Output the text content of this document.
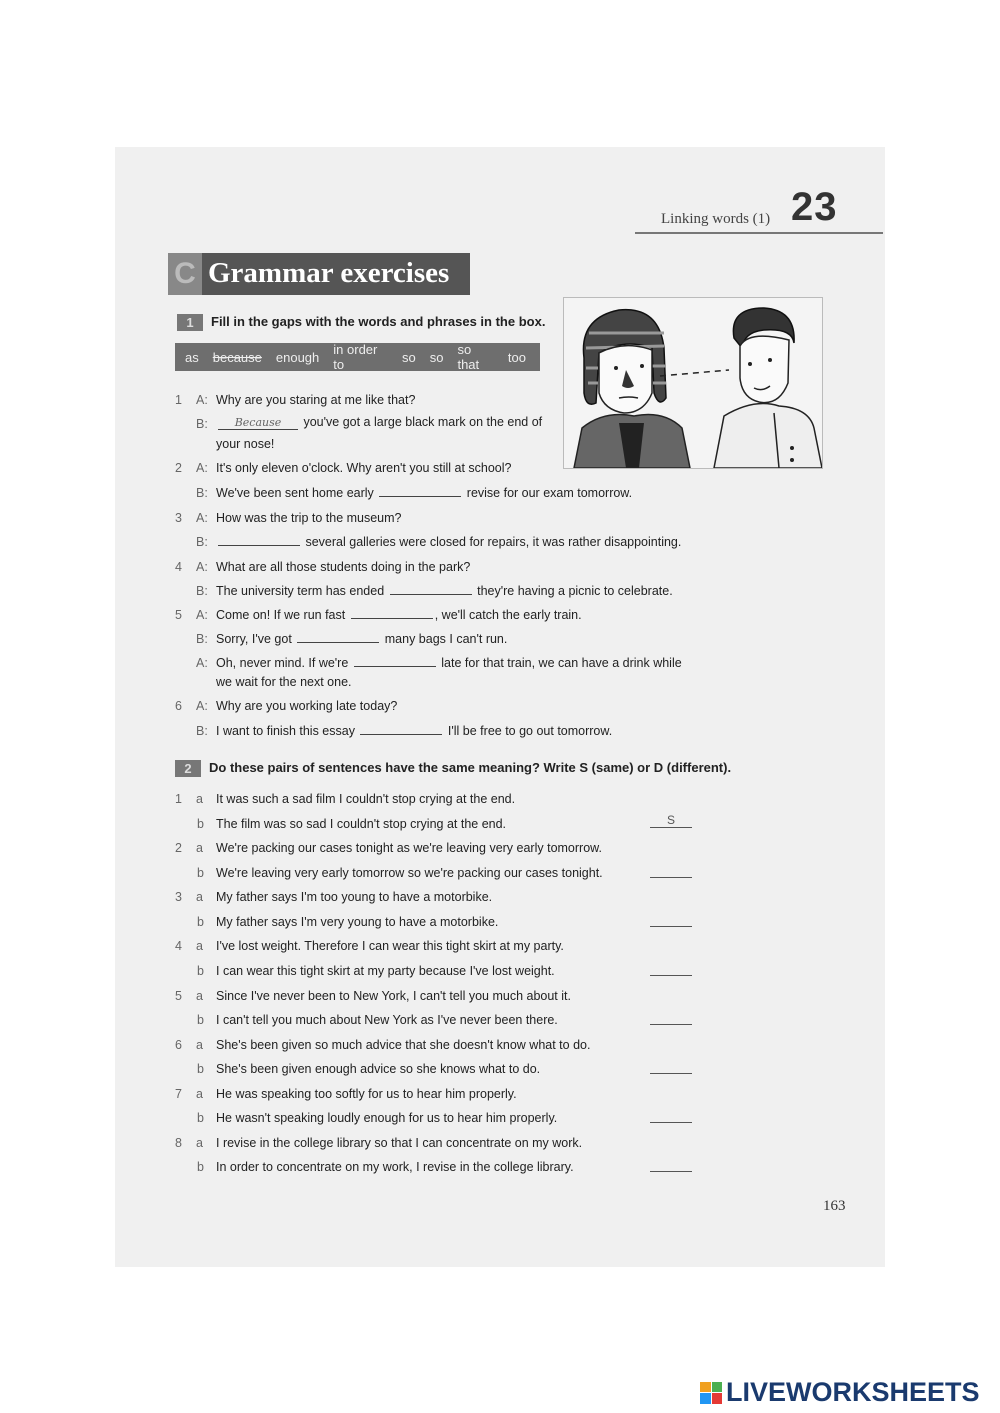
Linking words (1) 23
C Grammar exercises
1	Fill in the gaps with the words and phrases in the box.
as because enough in order to	so so so that	too
1 A: Why are you staring at me like that?
B:	Because you've got a large black mark on the end of
your nose!
2 A: It's only eleven o'clock. Why aren't you still at school?
B: We've been sent home early	revise for our exam tomorrow.
3 A: How was the trip to the museum?
B:	several galleries were closed for repairs, it was rather disappointing.
4 A: What are all those students doing in the park?
B: The university term has ended	they're having a picnic to celebrate.
5 A: Come on! If we run fast	, we'll catch the early train.
B: Sorry, I've got	many bags I can't run.
A: Oh, never mind. If we're	late for that train, we can have a drink while
we wait for the next one.
6 A: Why are you working late today?
B: I want to finish this essay	I'll be free to go out tomorrow.
2	Do these pairs of sentences have the same meaning? Write S (same) or D (different).
1 a It was such a sad film I couldn't stop crying at the end.
b The film was so sad I couldn't stop crying at the end.	S
2 a We're packing our cases tonight as we're leaving very early tomorrow.
b We're leaving very early tomorrow so we're packing our cases tonight.
3 a My father says I'm too young to have a motorbike.
b My father says I'm very young to have a motorbike.
4 a I've lost weight. Therefore I can wear this tight skirt at my party.
b I can wear this tight skirt at my party because I've lost weight.
5 a Since I've never been to New York, I can't tell you much about it.
b I can't tell you much about New York as I've never been there.
6 a She's been given so much advice that she doesn't know what to do.
b She's been given enough advice so she knows what to do.
7 a He was speaking too softly for us to hear him properly.
b He wasn't speaking loudly enough for us to hear him properly.
8 a I revise in the college library so that I can concentrate on my work.
b In order to concentrate on my work, I revise in the college library.
163
LIVEWORKSHEETS
